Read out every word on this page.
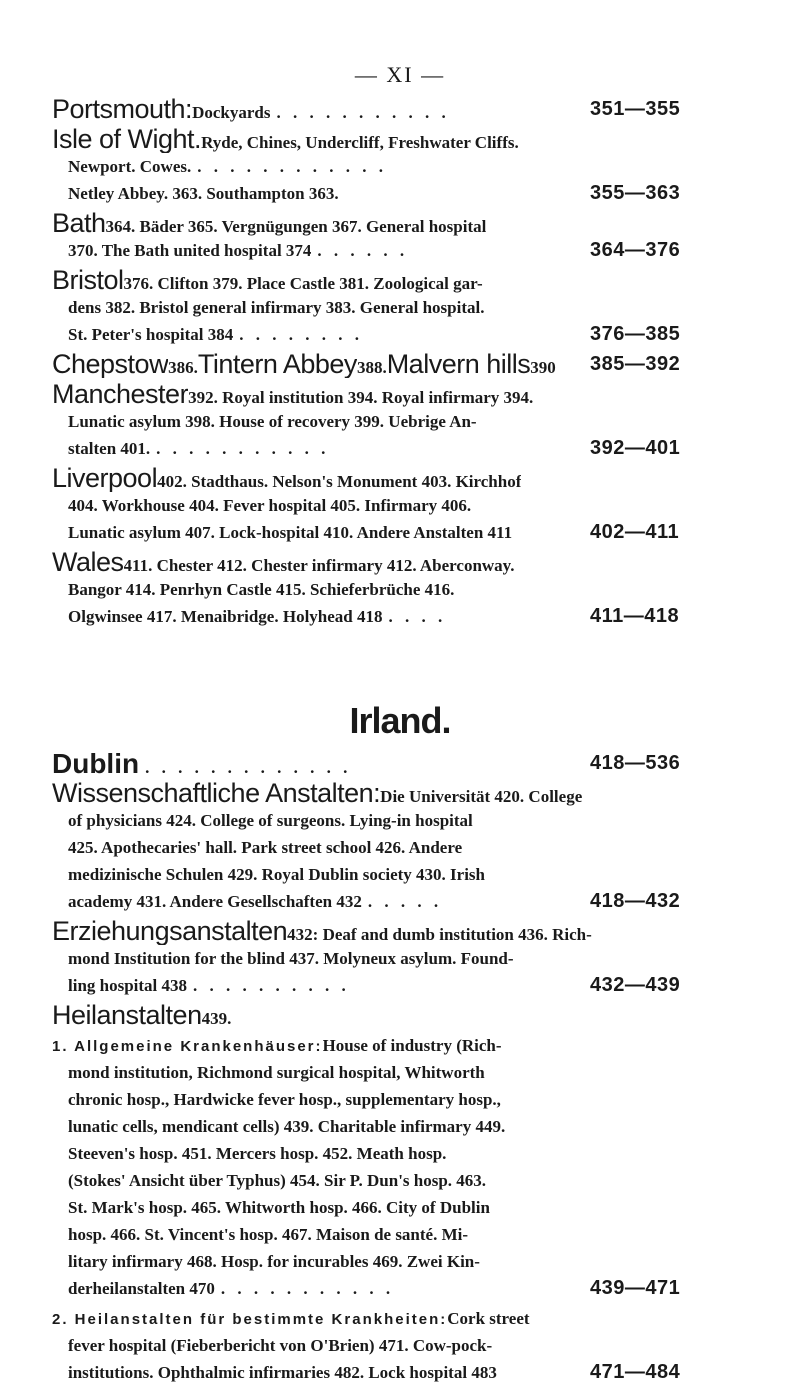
— XI —
351—355
Portsmouth: Dockyards . . . . . . . . . . .
355—363
Isle of Wight. Ryde, Chines, Undercliff, Freshwater Cliffs.
Newport. Cowes. . . . . . . . . . . . .
Netley Abbey. 363. Southampton 363.
364—376
Bath 364. Bäder 365. Vergnügungen 367. General hospital
370. The Bath united hospital 374 . . . . . .
376—385
Bristol 376. Clifton 379. Place Castle 381. Zoological gar-
dens 382. Bristol general infirmary 383. General hospital.
St. Peter's hospital 384 . . . . . . . .
385—392
Chepstow 386. Tintern Abbey 388. Malvern hills 390
392—401
Manchester 392. Royal institution 394. Royal infirmary 394.
Lunatic asylum 398. House of recovery 399. Uebrige An-
stalten 401. . . . . . . . . . . .
402—411
Liverpool 402. Stadthaus. Nelson's Monument 403. Kirchhof
404. Workhouse 404. Fever hospital 405. Infirmary 406.
Lunatic asylum 407. Lock-hospital 410. Andere Anstalten 411
411—418
Wales 411. Chester 412. Chester infirmary 412. Aberconway.
Bangor 414. Penrhyn Castle 415. Schieferbrüche 416.
Olgwinsee 417. Menaibridge. Holyhead 418 . . . .
Irland.
418—536
Dublin . . . . . . . . . . . . .
418—432
Wissenschaftliche Anstalten: Die Universität 420. College
of physicians 424. College of surgeons. Lying-in hospital
425. Apothecaries' hall. Park street school 426. Andere
medizinische Schulen 429. Royal Dublin society 430. Irish
academy 431. Andere Gesellschaften 432 . . . . .
432—439
Erziehungsanstalten 432: Deaf and dumb institution 436. Rich-
mond Institution for the blind 437. Molyneux asylum. Found-
ling hospital 438 . . . . . . . . . .
Heilanstalten 439.
439—471
1. Allgemeine Krankenhäuser: House of industry (Rich-
mond institution, Richmond surgical hospital, Whitworth
chronic hosp., Hardwicke fever hosp., supplementary hosp.,
lunatic cells, mendicant cells) 439. Charitable infirmary 449.
Steeven's hosp. 451. Mercers hosp. 452. Meath hosp.
(Stokes' Ansicht über Typhus) 454. Sir P. Dun's hosp. 463.
St. Mark's hosp. 465. Whitworth hosp. 466. City of Dublin
hosp. 466. St. Vincent's hosp. 467. Maison de santé. Mi-
litary infirmary 468. Hosp. for incurables 469. Zwei Kin-
derheilanstalten 470 . . . . . . . . . . .
471—484
2. Heilanstalten für bestimmte Krankheiten: Cork street
fever hospital (Fieberbericht von O'Brien) 471. Cow-pock-
institutions. Ophthalmic infirmaries 482. Lock hospital 483
